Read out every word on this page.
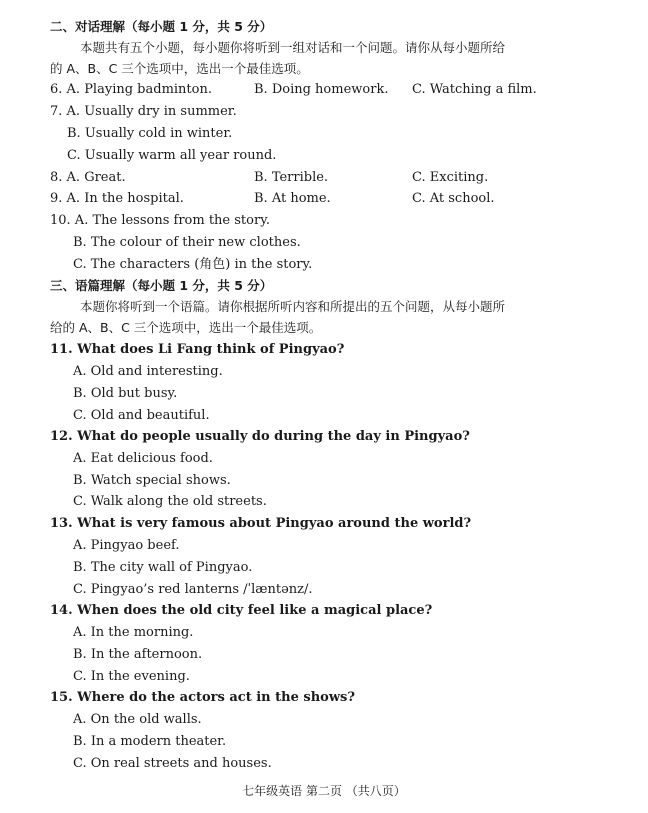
二、对话理解（每小题 1 分，共 5 分）
本题共有五个小题，每小题你将听到一组对话和一个问题。请你从每小题所给
的 A、B、C 三个选项中，选出一个最佳选项。
6. A. Playing badminton.	B. Doing homework. C. Watching a film.
7. A. Usually dry in summer.
B. Usually cold in winter.
C. Usually warm all year round.
8. A. Great.	B. Terrible.	C. Exciting.
9. A. In the hospital.	B. At home.	C. At school.
10. A. The lessons from the story.
B. The colour of their new clothes.
C. The characters (角色) in the story.
三、语篇理解（每小题 1 分，共 5 分）
本题你将听到一个语篇。请你根据所听内容和所提出的五个问题，从每小题所
给的 A、B、C 三个选项中，选出一个最佳选项。
11. What does Li Fang think of Pingyao?
A. Old and interesting.
B. Old but busy.
C. Old and beautiful.
12. What do people usually do during the day in Pingyao?
A. Eat delicious food.
B. Watch special shows.
C. Walk along the old streets.
13. What is very famous about Pingyao around the world?
A. Pingyao beef.
B. The city wall of Pingyao.
C. Pingyao’s red lanterns /ˈlæntənz/.
14. When does the old city feel like a magical place?
A. In the morning.
B. In the afternoon.
C. In the evening.
15. Where do the actors act in the shows?
A. On the old walls.
B. In a modern theater.
C. On real streets and houses.
七年级英语 第二页 （共八页）
